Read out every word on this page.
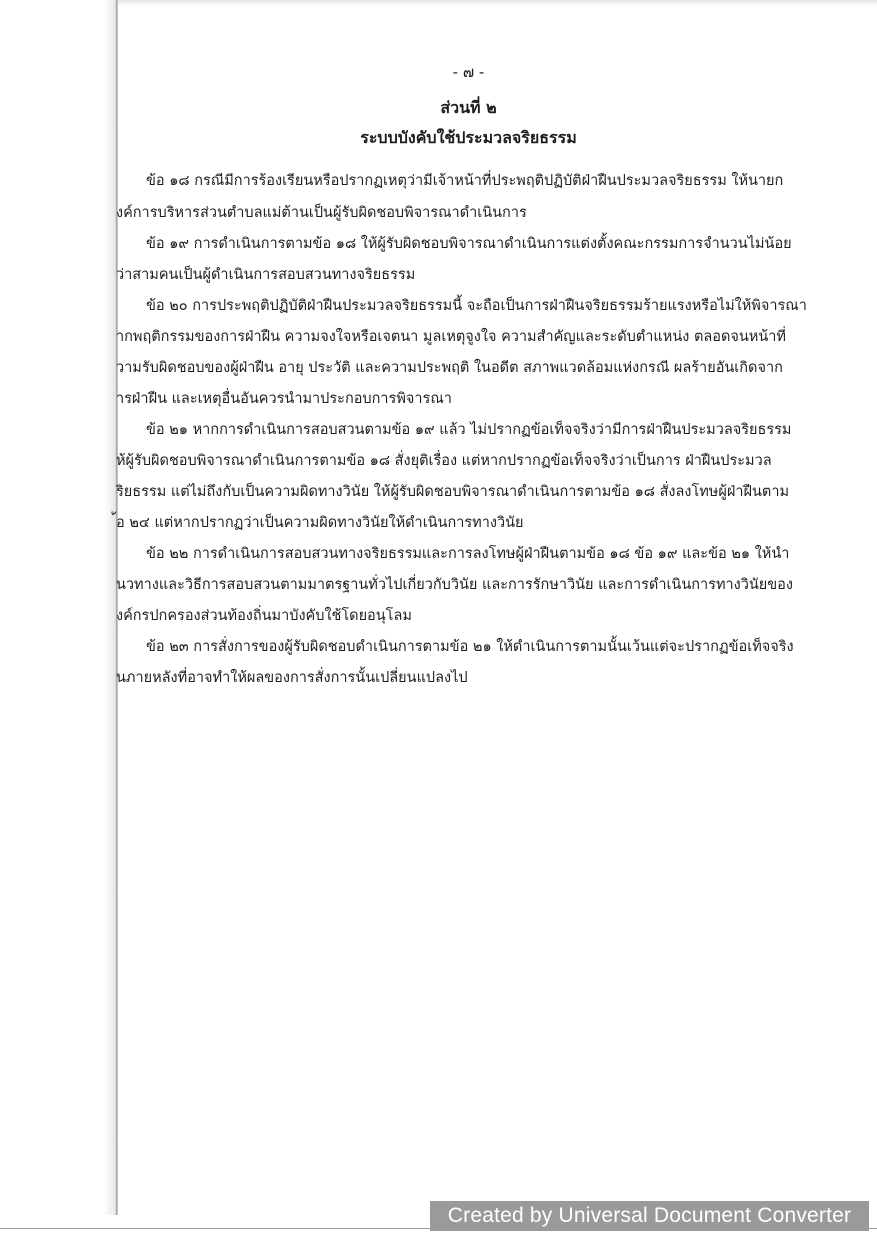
- ๗ -
ส่วนที่ ๒
ระบบบังคับใช้ประมวลจริยธรรม
ข้อ ๑๘ กรณีมีการร้องเรียนหรือปรากฏเหตุว่ามีเจ้าหน้าที่ประพฤติปฏิบัติฝ่าฝืนประมวลจริยธรรม ให้นายก
งค์การบริหารส่วนตำบลแม่ต้านเป็นผู้รับผิดชอบพิจารณาดำเนินการ
ข้อ ๑๙ การดำเนินการตามข้อ ๑๘ ให้ผู้รับผิดชอบพิจารณาดำเนินการแต่งตั้งคณะกรรมการจำนวนไม่น้อย
ว่าสามคนเป็นผู้ดำเนินการสอบสวนทางจริยธรรม
ข้อ ๒๐ การประพฤติปฏิบัติฝ่าฝืนประมวลจริยธรรมนี้ จะถือเป็นการฝ่าฝืนจริยธรรมร้ายแรงหรือไม่ให้พิจารณา
ากพฤติกรรมของการฝ่าฝืน ความจงใจหรือเจตนา มูลเหตุจูงใจ ความสำคัญและระดับตำแหน่ง ตลอดจนหน้าที่
วามรับผิดชอบของผู้ฝ่าฝืน อายุ ประวัติ และความประพฤติ ในอดีต สภาพแวดล้อมแห่งกรณี ผลร้ายอันเกิดจาก
ารฝ่าฝืน และเหตุอื่นอันควรนำมาประกอบการพิจารณา
ข้อ ๒๑ หากการดำเนินการสอบสวนตามข้อ ๑๙ แล้ว ไม่ปรากฏข้อเท็จจริงว่ามีการฝ่าฝืนประมวลจริยธรรม
ห้ผู้รับผิดชอบพิจารณาดำเนินการตามข้อ ๑๘ สั่งยุติเรื่อง แต่หากปรากฏข้อเท็จจริงว่าเป็นการ ฝ่าฝืนประมวล
ริยธรรม แต่ไม่ถึงกับเป็นความผิดทางวินัย ให้ผู้รับผิดชอบพิจารณาดำเนินการตามข้อ ๑๘ สั่งลงโทษผู้ฝ่าฝืนตาม
้อ ๒๔ แต่หากปรากฏว่าเป็นความผิดทางวินัยให้ดำเนินการทางวินัย
ข้อ ๒๒ การดำเนินการสอบสวนทางจริยธรรมและการลงโทษผู้ฝ่าฝืนตามข้อ ๑๘ ข้อ ๑๙ และข้อ ๒๑ ให้นำ
นวทางและวิธีการสอบสวนตามมาตรฐานทั่วไปเกี่ยวกับวินัย และการรักษาวินัย และการดำเนินการทางวินัยของ
งค์กรปกครองส่วนท้องถิ่นมาบังคับใช้โดยอนุโลม
ข้อ ๒๓ การสั่งการของผู้รับผิดชอบดำเนินการตามข้อ ๒๑ ให้ดำเนินการตามนั้นเว้นแต่จะปรากฏข้อเท็จจริง
นภายหลังที่อาจทำให้ผลของการสั่งการนั้นเปลี่ยนแปลงไป
Created by Universal Document Converter
